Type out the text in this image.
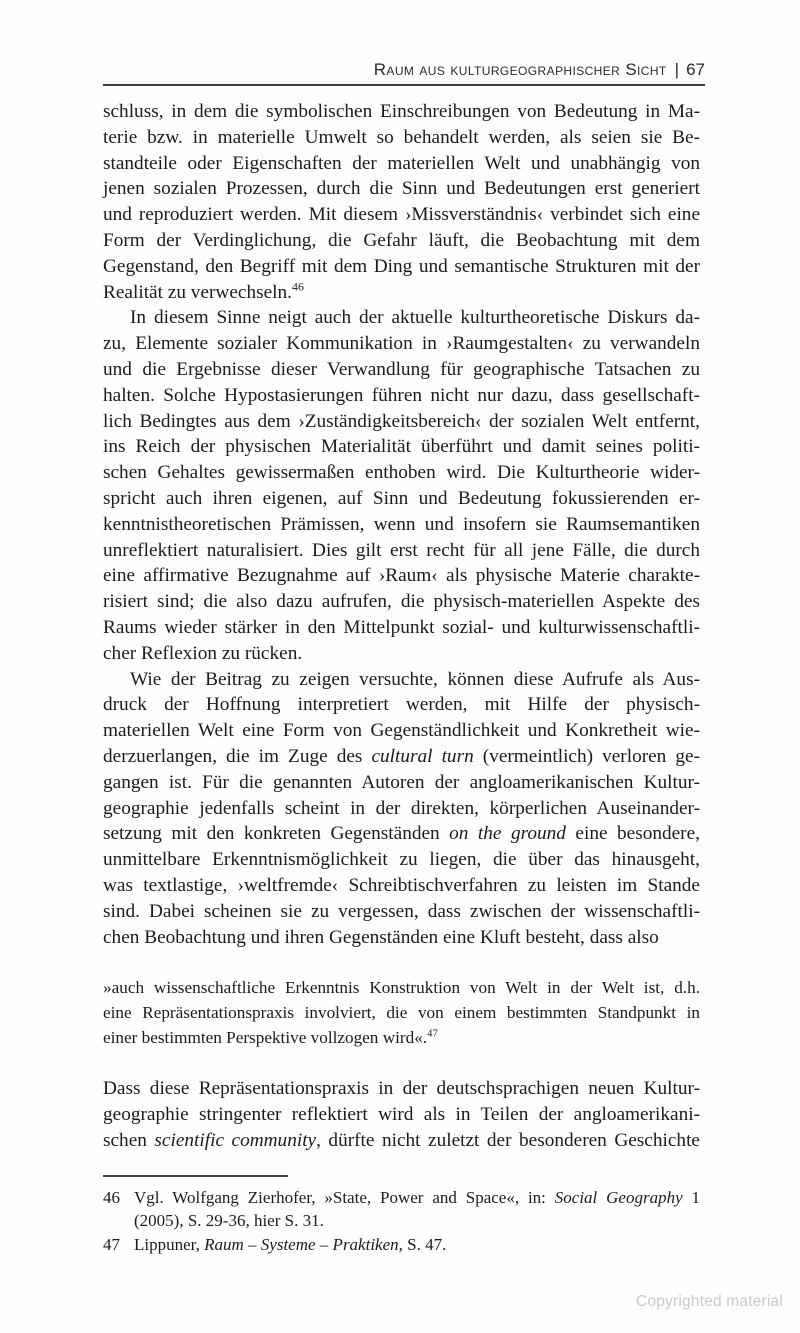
Raum aus kulturgeographischer Sicht | 67
schluss, in dem die symbolischen Einschreibungen von Bedeutung in Ma-
terie bzw. in materielle Umwelt so behandelt werden, als seien sie Be-
standteile oder Eigenschaften der materiellen Welt und unabhängig von
jenen sozialen Prozessen, durch die Sinn und Bedeutungen erst generiert
und reproduziert werden. Mit diesem ›Missverständnis‹ verbindet sich eine
Form der Verdinglichung, die Gefahr läuft, die Beobachtung mit dem
Gegenstand, den Begriff mit dem Ding und semantische Strukturen mit der
Realität zu verwechseln.$^{46}$
In diesem Sinne neigt auch der aktuelle kulturtheoretische Diskurs da-
zu, Elemente sozialer Kommunikation in ›Raumgestalten‹ zu verwandeln
und die Ergebnisse dieser Verwandlung für geographische Tatsachen zu
halten. Solche Hypostasierungen führen nicht nur dazu, dass gesellschaft-
lich Bedingtes aus dem ›Zuständigkeitsbereich‹ der sozialen Welt entfernt,
ins Reich der physischen Materialität überführt und damit seines politi-
schen Gehaltes gewissermaßen enthoben wird. Die Kulturtheorie wider-
spricht auch ihren eigenen, auf Sinn und Bedeutung fokussierenden er-
kenntnistheoretischen Prämissen, wenn und insofern sie Raumsemantiken
unreflektiert naturalisiert. Dies gilt erst recht für all jene Fälle, die durch
eine affirmative Bezugnahme auf ›Raum‹ als physische Materie charakte-
risiert sind; die also dazu aufrufen, die physisch-materiellen Aspekte des
Raums wieder stärker in den Mittelpunkt sozial- und kulturwissenschaftli-
cher Reflexion zu rücken.
Wie der Beitrag zu zeigen versuchte, können diese Aufrufe als Aus-
druck der Hoffnung interpretiert werden, mit Hilfe der physisch-
materiellen Welt eine Form von Gegenständlichkeit und Konkretheit wie-
derzuerlangen, die im Zuge des cultural turn (vermeintlich) verloren ge-
gangen ist. Für die genannten Autoren der angloamerikanischen Kultur-
geographie jedenfalls scheint in der direkten, körperlichen Auseinander-
setzung mit den konkreten Gegenständen on the ground eine besondere,
unmittelbare Erkenntnismöglichkeit zu liegen, die über das hinausgeht,
was textlastige, ›weltfremde‹ Schreibtischverfahren zu leisten im Stande
sind. Dabei scheinen sie zu vergessen, dass zwischen der wissenschaftli-
chen Beobachtung und ihren Gegenständen eine Kluft besteht, dass also
»auch wissenschaftliche Erkenntnis Konstruktion von Welt in der Welt ist, d.h.
eine Repräsentationspraxis involviert, die von einem bestimmten Standpunkt in
einer bestimmten Perspektive vollzogen wird«.$^{47}$
Dass diese Repräsentationspraxis in der deutschsprachigen neuen Kultur-
geographie stringenter reflektiert wird als in Teilen der angloamerikani-
schen scientific community, dürfte nicht zuletzt der besonderen Geschichte
46 Vgl. Wolfgang Zierhofer, »State, Power and Space«, in: Social Geography 1
(2005), S. 29-36, hier S. 31.
47 Lippuner, Raum – Systeme – Praktiken, S. 47.
Copyrighted material
